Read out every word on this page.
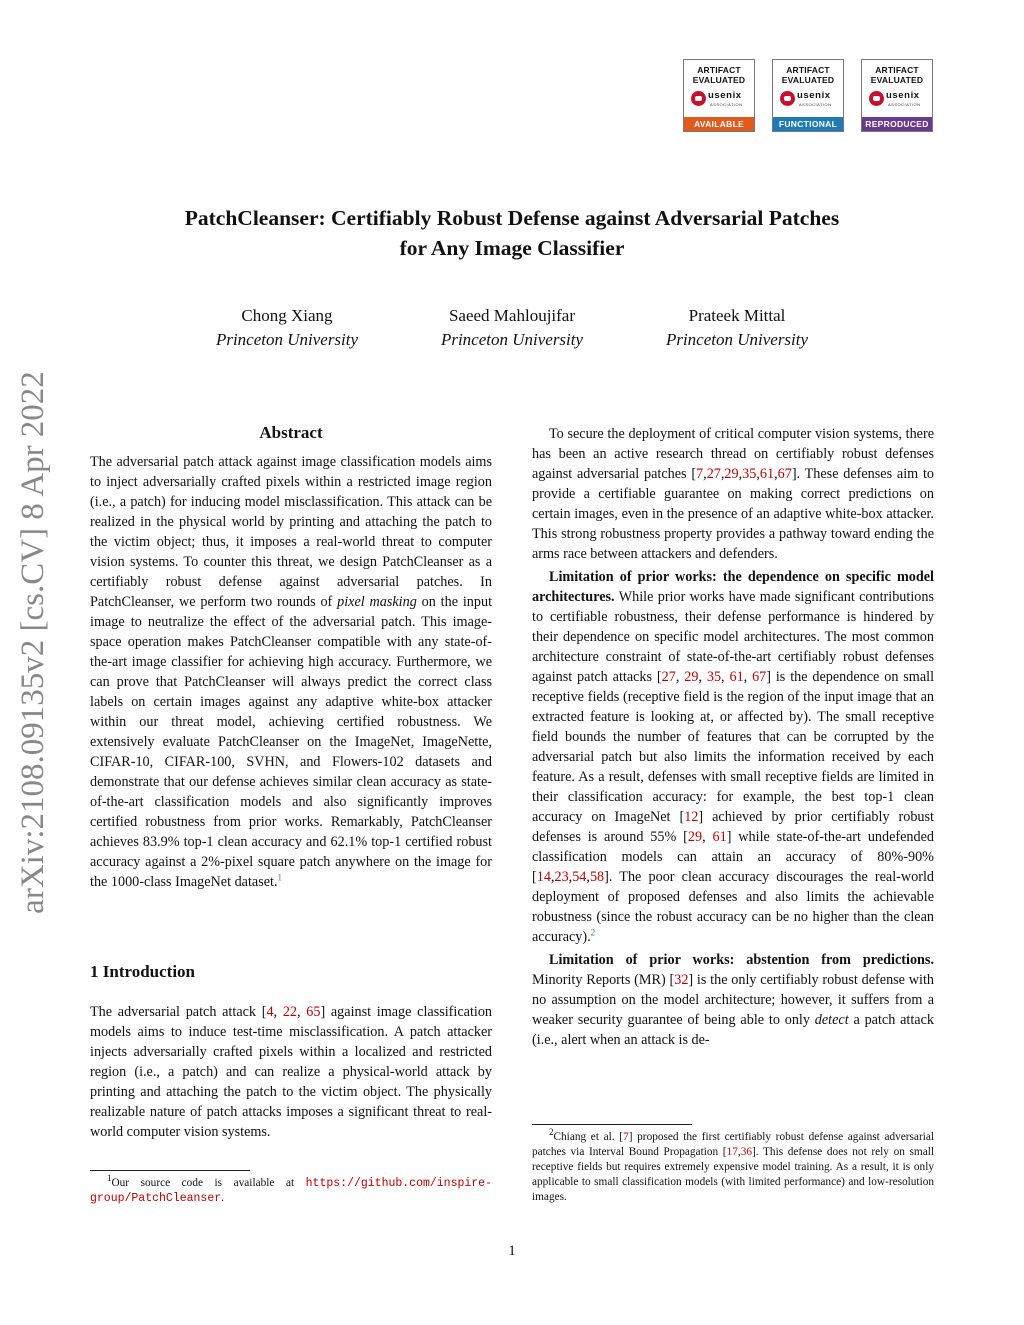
ARTIFACT
EVALUATED
usenix
ASSOCIATION
AVAILABLE
ARTIFACT
EVALUATED
usenix
ASSOCIATION
FUNCTIONAL
ARTIFACT
EVALUATED
usenix
ASSOCIATION
REPRODUCED
arXiv:2108.09135v2 [cs.CV] 8 Apr 2022
PatchCleanser: Certifiably Robust Defense against Adversarial Patches
for Any Image Classifier
Chong Xiang
Princeton University
Saeed Mahloujifar
Princeton University
Prateek Mittal
Princeton University
Abstract

The adversarial patch attack against image classification models aims to inject adversarially crafted pixels within a restricted image region (i.e., a patch) for inducing model misclassification. This attack can be realized in the physical world by printing and attaching the patch to the victim object; thus, it imposes a real-world threat to computer vision systems. To counter this threat, we design PatchCleanser as a certifiably robust defense against adversarial patches. In PatchCleanser, we perform two rounds of pixel masking on the input image to neutralize the effect of the adversarial patch. This image-space operation makes PatchCleanser compatible with any state-of-the-art image classifier for achieving high accuracy. Furthermore, we can prove that PatchCleanser will always predict the correct class labels on certain images against any adaptive white-box attacker within our threat model, achieving certified robustness. We extensively evaluate PatchCleanser on the ImageNet, ImageNette, CIFAR-10, CIFAR-100, SVHN, and Flowers-102 datasets and demonstrate that our defense achieves similar clean accuracy as state-of-the-art classification models and also significantly improves certified robustness from prior works. Remarkably, PatchCleanser achieves 83.9% top-1 clean accuracy and 62.1% top-1 certified robust accuracy against a 2%-pixel square patch anywhere on the image for the 1000-class ImageNet dataset.$^1$

1 Introduction

The adversarial patch attack [4, 22, 65] against image classification models aims to induce test-time misclassification. A patch attacker injects adversarially crafted pixels within a localized and restricted region (i.e., a patch) and can realize a physical-world attack by printing and attaching the patch to the victim object. The physically realizable nature of patch attacks imposes a significant threat to real-world computer vision systems.

$^1$Our source code is available at https://github.com/inspire-group/PatchCleanser.

To secure the deployment of critical computer vision systems, there has been an active research thread on certifiably robust defenses against adversarial patches [7,27,29,35,61,67]. These defenses aim to provide a certifiable guarantee on making correct predictions on certain images, even in the presence of an adaptive white-box attacker. This strong robustness property provides a pathway toward ending the arms race between attackers and defenders.

Limitation of prior works: the dependence on specific model architectures. While prior works have made significant contributions to certifiable robustness, their defense performance is hindered by their dependence on specific model architectures. The most common architecture constraint of state-of-the-art certifiably robust defenses against patch attacks [27, 29, 35, 61, 67] is the dependence on small receptive fields (receptive field is the region of the input image that an extracted feature is looking at, or affected by). The small receptive field bounds the number of features that can be corrupted by the adversarial patch but also limits the information received by each feature. As a result, defenses with small receptive fields are limited in their classification accuracy: for example, the best top-1 clean accuracy on ImageNet [12] achieved by prior certifiably robust defenses is around 55% [29, 61] while state-of-the-art undefended classification models can attain an accuracy of 80%-90% [14,23,54,58]. The poor clean accuracy discourages the real-world deployment of proposed defenses and also limits the achievable robustness (since the robust accuracy can be no higher than the clean accuracy).$^2$

Limitation of prior works: abstention from predictions. Minority Reports (MR) [32] is the only certifiably robust defense with no assumption on the model architecture; however, it suffers from a weaker security guarantee of being able to only detect a patch attack (i.e., alert when an attack is de-

$^2$Chiang et al. [7] proposed the first certifiably robust defense against adversarial patches via Interval Bound Propagation [17,36]. This defense does not rely on small receptive fields but requires extremely expensive model training. As a result, it is only applicable to small classification models (with limited performance) and low-resolution images.
1
